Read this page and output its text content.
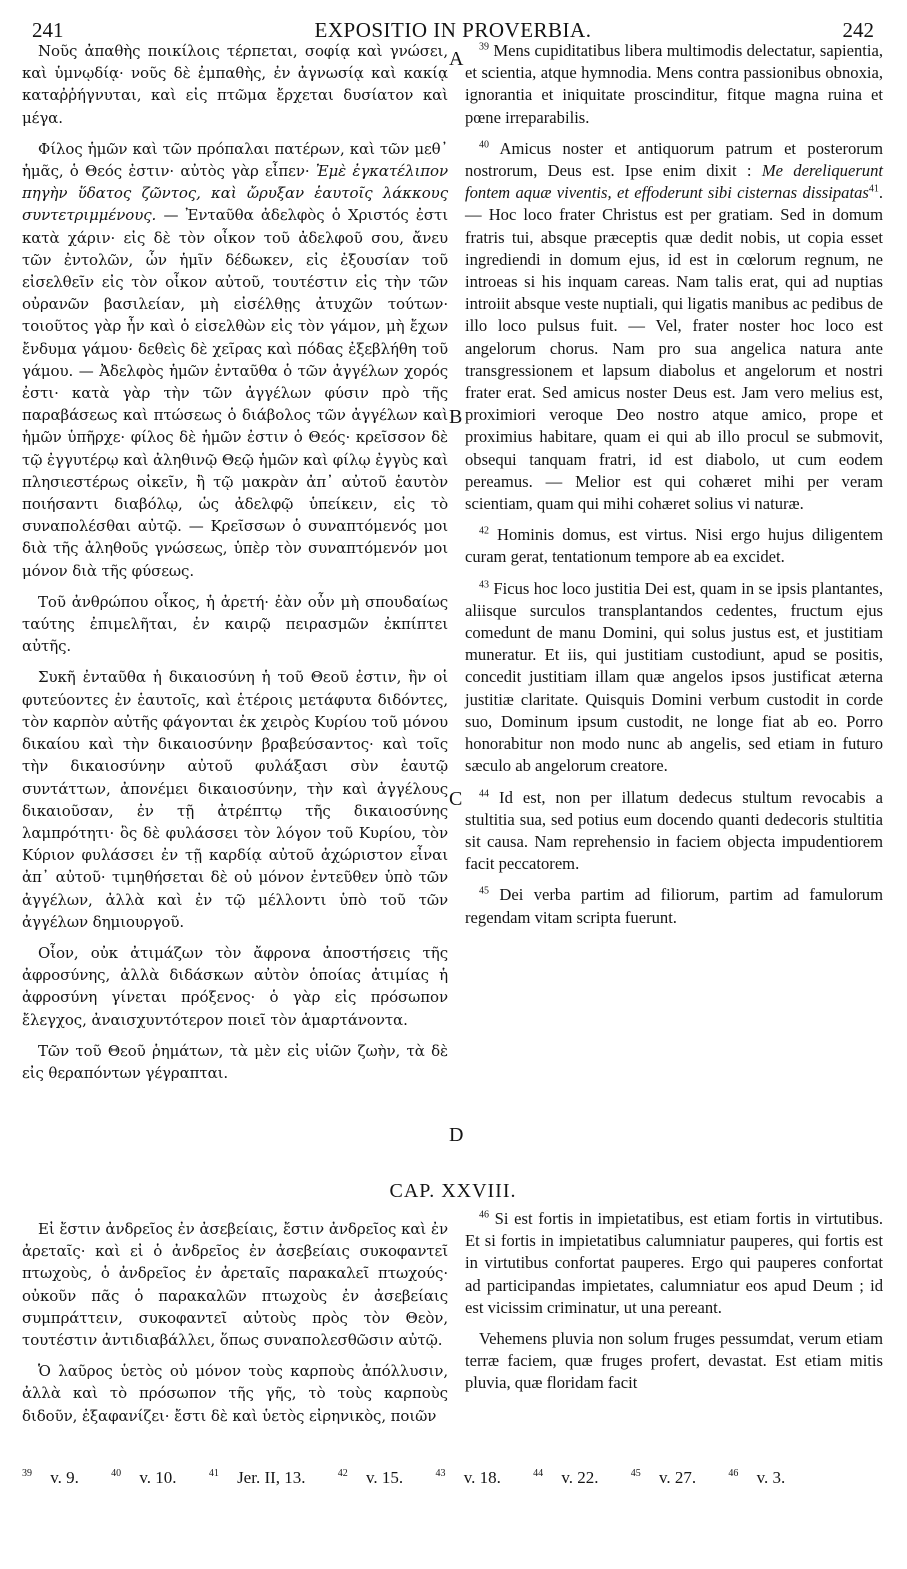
241	EXPOSITIO IN PROVERBIA.	242
A
B
C
D

Νοῦς ἀπαθὴς ποικίλοις τέρπεται, σοφίᾳ καὶ γνώσει, καὶ ὑμνῳδίᾳ· νοῦς δὲ ἐμπαθὴς, ἐν ἀγνωσίᾳ καὶ κακίᾳ καταῤῥήγνυται, καὶ εἰς πτῶμα ἔρχεται δυσίατον καὶ μέγα.

Φίλος ἡμῶν καὶ τῶν πρόπαλαι πατέρων, καὶ τῶν μεθ᾽ ἡμᾶς, ὁ Θεός ἐστιν· αὐτὸς γὰρ εἶπεν· Ἐμὲ ἐγκατέλιπον πηγὴν ὕδατος ζῶντος, καὶ ὤρυξαν ἑαυτοῖς λάκκους συντετριμμένους. — Ἐνταῦθα ἀδελφὸς ὁ Χριστός ἐστι κατὰ χάριν· εἰς δὲ τὸν οἶκον τοῦ ἀδελφοῦ σου, ἄνευ τῶν ἐντολῶν, ὧν ἡμῖν δέδωκεν, εἰς ἐξουσίαν τοῦ εἰσελθεῖν εἰς τὸν οἶκον αὐτοῦ, τουτέστιν εἰς τὴν τῶν οὐρανῶν βασιλείαν, μὴ εἰσέλθῃς ἀτυχῶν τούτων· τοιοῦτος γὰρ ἦν καὶ ὁ εἰσελθὼν εἰς τὸν γάμον, μὴ ἔχων ἔνδυμα γάμου· δεθεὶς δὲ χεῖρας καὶ πόδας ἐξεβλήθη τοῦ γάμου. — Ἀδελφὸς ἡμῶν ἐνταῦθα ὁ τῶν ἀγγέλων χορός ἐστι· κατὰ γὰρ τὴν τῶν ἀγγέλων φύσιν πρὸ τῆς παραβάσεως καὶ πτώσεως ὁ διάβολος τῶν ἀγγέλων καὶ ἡμῶν ὑπῆρχε· φίλος δὲ ἡμῶν ἐστιν ὁ Θεός· κρεῖσσον δὲ τῷ ἐγγυτέρῳ καὶ ἀληθινῷ Θεῷ ἡμῶν καὶ φίλῳ ἐγγὺς καὶ πλησιεστέρως οἰκεῖν, ἢ τῷ μακρὰν ἀπ᾽ αὐτοῦ ἑαυτὸν ποιήσαντι διαβόλῳ, ὡς ἀδελφῷ ὑπείκειν, εἰς τὸ συναπολέσθαι αὐτῷ. — Κρεῖσσων ὁ συναπτόμενός μοι διὰ τῆς ἀληθοῦς γνώσεως, ὑπὲρ τὸν συναπτόμενόν μοι μόνον διὰ τῆς φύσεως.

Τοῦ ἀνθρώπου οἶκος, ἡ ἀρετή· ἐὰν οὖν μὴ σπουδαίως ταύτης ἐπιμελῆται, ἐν καιρῷ πειρασμῶν ἐκπίπτει αὐτῆς.

Συκῆ ἐνταῦθα ἡ δικαιοσύνη ἡ τοῦ Θεοῦ ἐστιν, ἣν οἱ φυτεύοντες ἐν ἑαυτοῖς, καὶ ἑτέροις μετάφυτα διδόντες, τὸν καρπὸν αὐτῆς φάγονται ἐκ χειρὸς Κυρίου τοῦ μόνου δικαίου καὶ τὴν δικαιοσύνην βραβεύσαντος· καὶ τοῖς τὴν δικαιοσύνην αὐτοῦ φυλάξασι σὺν ἑαυτῷ συντάττων, ἀπονέμει δικαιοσύνην, τὴν καὶ ἀγγέλους δικαιοῦσαν, ἐν τῇ ἀτρέπτῳ τῆς δικαιοσύνης λαμπρότητι· ὃς δὲ φυλάσσει τὸν λόγον τοῦ Κυρίου, τὸν Κύριον φυλάσσει ἐν τῇ καρδίᾳ αὐτοῦ ἀχώριστον εἶναι ἀπ᾽ αὐτοῦ· τιμηθήσεται δὲ οὐ μόνον ἐντεῦθεν ὑπὸ τῶν ἀγγέλων, ἀλλὰ καὶ ἐν τῷ μέλλοντι ὑπὸ τοῦ τῶν ἀγγέλων δημιουργοῦ.

Οἷον, οὐκ ἀτιμάζων τὸν ἄφρονα ἀποστήσεις τῆς ἀφροσύνης, ἀλλὰ διδάσκων αὐτὸν ὁποίας ἀτιμίας ἡ ἀφροσύνη γίνεται πρόξενος· ὁ γὰρ εἰς πρόσωπον ἔλεγχος, ἀναισχυντότερον ποιεῖ τὸν ἁμαρτάνοντα.

Τῶν τοῦ Θεοῦ ῥημάτων, τὰ μὲν εἰς υἱῶν ζωὴν, τὰ δὲ εἰς θεραπόντων γέγραπται.

$^{39}$ Mens cupiditatibus libera multimodis delectatur, sapientia, et scientia, atque hymnodia. Mens contra passionibus obnoxia, ignorantia et iniquitate proscinditur, fitque magna ruina et pœne irreparabilis.

$^{40}$ Amicus noster et antiquorum patrum et posterorum nostrorum, Deus est. Ipse enim dixit : Me dereliquerunt fontem aquæ viventis, et effoderunt sibi cisternas dissipatas$^{41}$. — Hoc loco frater Christus est per gratiam. Sed in domum fratris tui, absque præceptis quæ dedit nobis, ut copia esset ingrediendi in domum ejus, id est in cœlorum regnum, ne introeas si his inquam careas. Nam talis erat, qui ad nuptias introiit absque veste nuptiali, qui ligatis manibus ac pedibus de illo loco pulsus fuit. — Vel, frater noster hoc loco est angelorum chorus. Nam pro sua angelica natura ante transgressionem et lapsum diabolus et angelorum et nostri frater erat. Sed amicus noster Deus est. Jam vero melius est, proximiori veroque Deo nostro atque amico, prope et proximius habitare, quam ei qui ab illo procul se submovit, obsequi tanquam fratri, id est diabolo, ut cum eodem pereamus. — Melior est qui cohæret mihi per veram scientiam, quam qui mihi cohæret solius vi naturæ.

$^{42}$ Hominis domus, est virtus. Nisi ergo hujus diligentem curam gerat, tentationum tempore ab ea excidet.

$^{43}$ Ficus hoc loco justitia Dei est, quam in se ipsis plantantes, aliisque surculos transplantandos cedentes, fructum ejus comedunt de manu Domini, qui solus justus est, et justitiam muneratur. Et iis, qui justitiam custodiunt, apud se positis, concedit justitiam illam quæ angelos ipsos justificat æterna justitiæ claritate. Quisquis Domini verbum custodit in corde suo, Dominum ipsum custodit, ne longe fiat ab eo. Porro honorabitur non modo nunc ab angelis, sed etiam in futuro sæculo ab angelorum creatore.

$^{44}$ Id est, non per illatum dedecus stultum revocabis a stultitia sua, sed potius eum docendo quanti dedecoris stultitia sit causa. Nam reprehensio in faciem objecta impudentiorem facit peccatorem.

$^{45}$ Dei verba partim ad filiorum, partim ad famulorum regendam vitam scripta fuerunt.

CAP. XXVIII.

Εἰ ἔστιν ἀνδρεῖος ἐν ἀσεβείαις, ἔστιν ἀνδρεῖος καὶ ἐν ἀρεταῖς· καὶ εἰ ὁ ἀνδρεῖος ἐν ἀσεβείαις συκοφαντεῖ πτωχοὺς, ὁ ἀνδρεῖος ἐν ἀρεταῖς παρακαλεῖ πτωχούς· οὐκοῦν πᾶς ὁ παρακαλῶν πτωχοὺς ἐν ἀσεβείαις συμπράττειν, συκοφαντεῖ αὐτοὺς πρὸς τὸν Θεὸν, τουτέστιν ἀντιδιαβάλλει, ὅπως συναπολεσθῶσιν αὐτῷ.

Ὁ λαῦρος ὑετὸς οὐ μόνον τοὺς καρποὺς ἀπόλλυσιν, ἀλλὰ καὶ τὸ πρόσωπον τῆς γῆς, τὸ τοὺς καρποὺς διδοῦν, ἐξαφανίζει· ἔστι δὲ καὶ ὑετὸς εἰρηνικὸς, ποιῶν

$^{46}$ Si est fortis in impietatibus, est etiam fortis in virtutibus. Et si fortis in impietatibus calumniatur pauperes, qui fortis est in virtutibus confortat pauperes. Ergo qui pauperes confortat ad participandas impietates, calumniatur eos apud Deum ; id est vicissim criminatur, ut una pereant.

Vehemens pluvia non solum fruges pessumdat, verum etiam terræ faciem, quæ fruges profert, devastat. Est etiam mitis pluvia, quæ floridam facit

$^{39}$ v. 9.	$^{40}$ v. 10.	$^{41}$ Jer. II, 13.	$^{42}$ v. 15.	$^{43}$ v. 18.	$^{44}$ v. 22.	$^{45}$ v. 27.	$^{46}$ v. 3.
